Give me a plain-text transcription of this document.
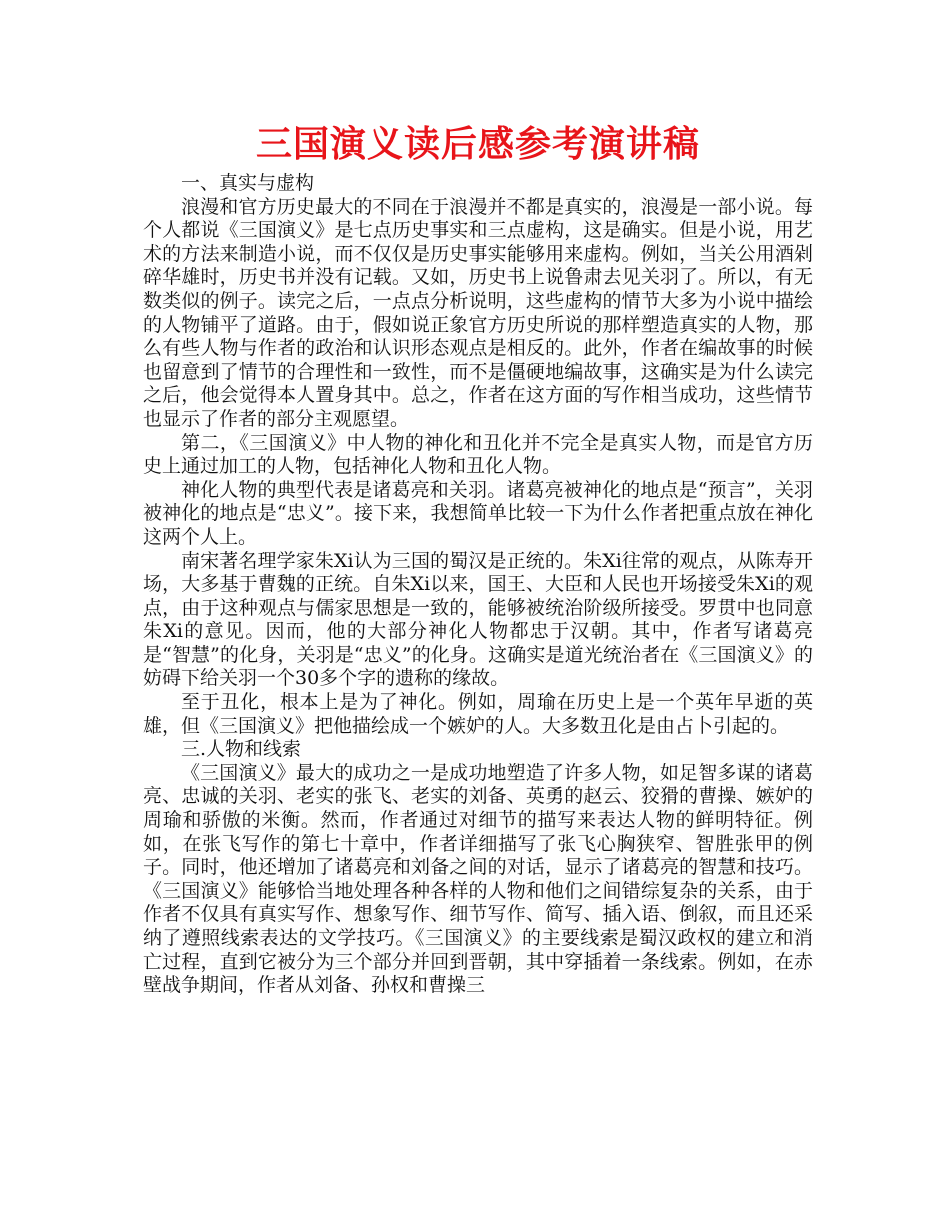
三国演义读后感参考演讲稿

一、真实与虚构

浪漫和官方历史最大的不同在于浪漫并不都是真实的，浪漫是一部小说。每个人都说《三国演义》是七点历史事实和三点虚构，这是确实。但是小说，用艺术的方法来制造小说，而不仅仅是历史事实能够用来虚构。例如，当关公用酒剁碎华雄时，历史书并没有记载。又如，历史书上说鲁肃去见关羽了。所以，有无数类似的例子。读完之后，一点点分析说明，这些虚构的情节大多为小说中描绘的人物铺平了道路。由于，假如说正象官方历史所说的那样塑造真实的人物，那么有些人物与作者的政治和认识形态观点是相反的。此外，作者在编故事的时候也留意到了情节的合理性和一致性，而不是僵硬地编故事，这确实是为什么读完之后，他会觉得本人置身其中。总之，作者在这方面的写作相当成功，这些情节也显示了作者的部分主观愿望。

第二，《三国演义》中人物的神化和丑化并不完全是真实人物，而是官方历史上通过加工的人物，包括神化人物和丑化人物。

神化人物的典型代表是诸葛亮和关羽。诸葛亮被神化的地点是“预言”，关羽被神化的地点是“忠义”。接下来，我想简单比较一下为什么作者把重点放在神化这两个人上。

南宋著名理学家朱Xi认为三国的蜀汉是正统的。朱Xi往常的观点，从陈寿开场，大多基于曹魏的正统。自朱Xi以来，国王、大臣和人民也开场接受朱Xi的观点，由于这种观点与儒家思想是一致的，能够被统治阶级所接受。罗贯中也同意朱Xi的意见。因而，他的大部分神化人物都忠于汉朝。其中，作者写诸葛亮是“智慧”的化身，关羽是“忠义”的化身。这确实是道光统治者在《三国演义》的妨碍下给关羽一个30多个字的遗称的缘故。

至于丑化，根本上是为了神化。例如，周瑜在历史上是一个英年早逝的英雄，但《三国演义》把他描绘成一个嫉妒的人。大多数丑化是由占卜引起的。

三.人物和线索

《三国演义》最大的成功之一是成功地塑造了许多人物，如足智多谋的诸葛亮、忠诚的关羽、老实的张飞、老实的刘备、英勇的赵云、狡猾的曹操、嫉妒的周瑜和骄傲的米衡。然而，作者通过对细节的描写来表达人物的鲜明特征。例如，在张飞写作的第七十章中，作者详细描写了张飞心胸狭窄、智胜张甲的例子。同时，他还增加了诸葛亮和刘备之间的对话，显示了诸葛亮的智慧和技巧。《三国演义》能够恰当地处理各种各样的人物和他们之间错综复杂的关系，由于作者不仅具有真实写作、想象写作、细节写作、简写、插入语、倒叙，而且还采纳了遵照线索表达的文学技巧。《三国演义》的主要线索是蜀汉政权的建立和消亡过程，直到它被分为三个部分并回到晋朝，其中穿插着一条线索。例如，在赤壁战争期间，作者从刘备、孙权和曹操三
